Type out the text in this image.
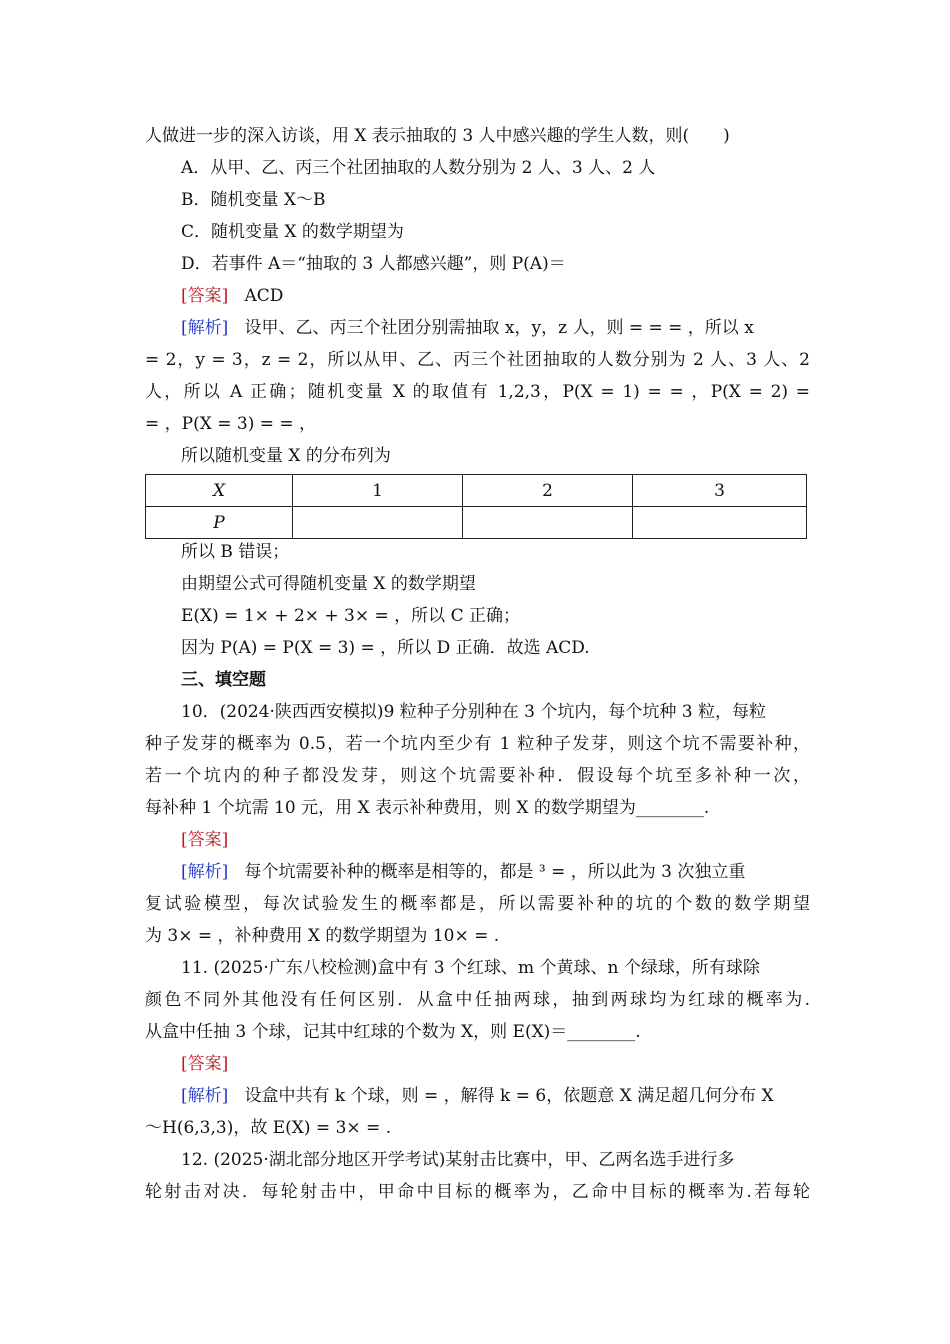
人做进一步的深入访谈，用 X 表示抽取的 3 人中感兴趣的学生人数，则(　　)
A．从甲、乙、丙三个社团抽取的人数分别为 2 人、3 人、2 人
B．随机变量 X～B
C．随机变量 X 的数学期望为
D．若事件 A＝“抽取的 3 人都感兴趣”，则 P(A)＝
[答案] ACD
[解析] 设甲、乙、丙三个社团分别需抽取 x，y，z 人，则 = = = ，所以 x
= 2，y = 3，z = 2，所以从甲、乙、丙三个社团抽取的人数分别为 2 人、3 人、2
人，所以 A 正确；随机变量 X 的取值有 1,2,3，P(X = 1) = = ，P(X = 2) =
= ，P(X = 3) = = ，
所以随机变量 X 的分布列为
X	1	2	3
P			
所以 B 错误；
由期望公式可得随机变量 X 的数学期望
E(X) = 1× + 2× + 3× = ，所以 C 正确；
因为 P(A) = P(X = 3) = ，所以 D 正确．故选 ACD.
三、填空题
10．(2024·陕西西安模拟)9 粒种子分别种在 3 个坑内，每个坑种 3 粒，每粒
种子发芽的概率为 0.5，若一个坑内至少有 1 粒种子发芽，则这个坑不需要补种，
若一个坑内的种子都没发芽，则这个坑需要补种．假设每个坑至多补种一次，
每补种 1 个坑需 10 元，用 X 表示补种费用，则 X 的数学期望为________.
[答案]
[解析] 每个坑需要补种的概率是相等的，都是 ³ = ，所以此为 3 次独立重
复试验模型，每次试验发生的概率都是，所以需要补种的坑的个数的数学期望
为 3× = ，补种费用 X 的数学期望为 10× = .
11. (2025·广东八校检测)盒中有 3 个红球、m 个黄球、n 个绿球，所有球除
颜色不同外其他没有任何区别．从盒中任抽两球，抽到两球均为红球的概率为.
从盒中任抽 3 个球，记其中红球的个数为 X，则 E(X)＝________.
[答案]
[解析] 设盒中共有 k 个球，则 = ，解得 k = 6，依题意 X 满足超几何分布 X
～H(6,3,3)，故 E(X) = 3× = .
12. (2025·湖北部分地区开学考试)某射击比赛中，甲、乙两名选手进行多
轮射击对决．每轮射击中，甲命中目标的概率为，乙命中目标的概率为.若每轮
